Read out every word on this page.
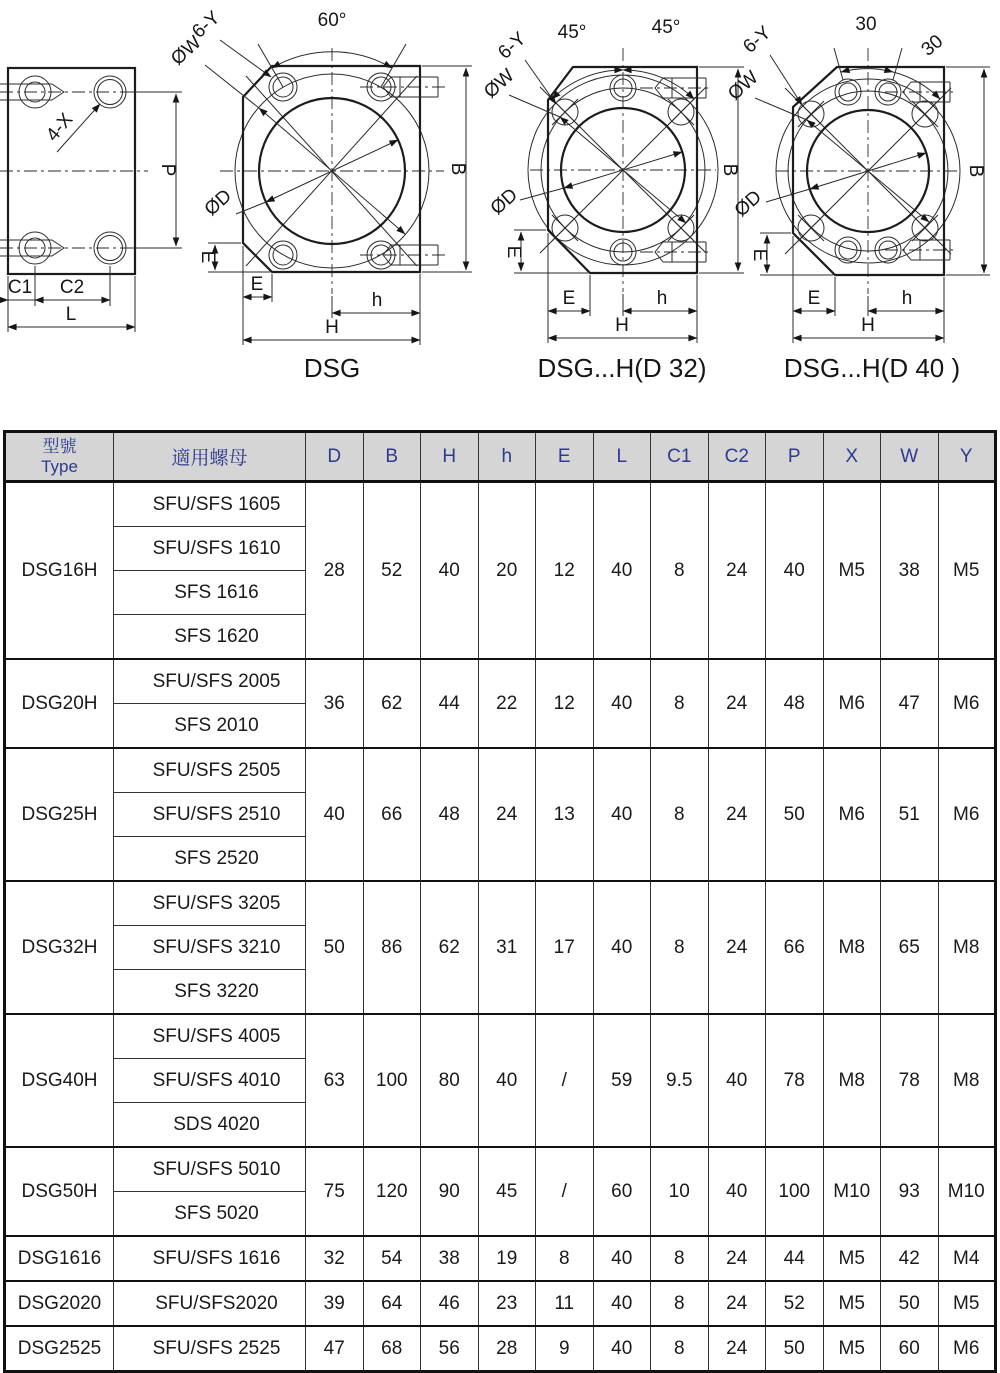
4-X
P
C1 C2
L
60°
6-Y
ØW
ØD
B
E
E
h
H
DSG
45°	45°
6-Y
ØW
ØD
B
E
E	h
H
DSG...H(D 32)
30
30
6-Y
ØW
ØD
B
E
E	h
H
DSG...H(D 40 )
型號
Type	適用螺母	D	B	H	h	E	L	C1	C2	P	X	W	Y
DSG16H	SFU/SFS 1605	28	52	40	20	12	40	8	24	40	M5	38	M5
	SFU/SFS 1610												
	SFS 1616												
	SFS 1620												
DSG20H	SFU/SFS 2005	36	62	44	22	12	40	8	24	48	M6	47	M6
	SFS 2010												
DSG25H	SFU/SFS 2505	40	66	48	24	13	40	8	24	50	M6	51	M6
	SFU/SFS 2510												
	SFS 2520												
DSG32H	SFU/SFS 3205	50	86	62	31	17	40	8	24	66	M8	65	M8
	SFU/SFS 3210												
	SFS 3220												
DSG40H	SFU/SFS 4005	63	100	80	40	/	59	9.5	40	78	M8	78	M8
	SFU/SFS 4010												
	SDS 4020												
DSG50H	SFU/SFS 5010	75	120	90	45	/	60	10	40	100	M10	93	M10
	SFS 5020												
DSG1616	SFU/SFS 1616	32	54	38	19	8	40	8	24	44	M5	42	M4
DSG2020	SFU/SFS2020	39	64	46	23	11	40	8	24	52	M5	50	M5
DSG2525	SFU/SFS 2525	47	68	56	28	9	40	8	24	50	M5	60	M6
